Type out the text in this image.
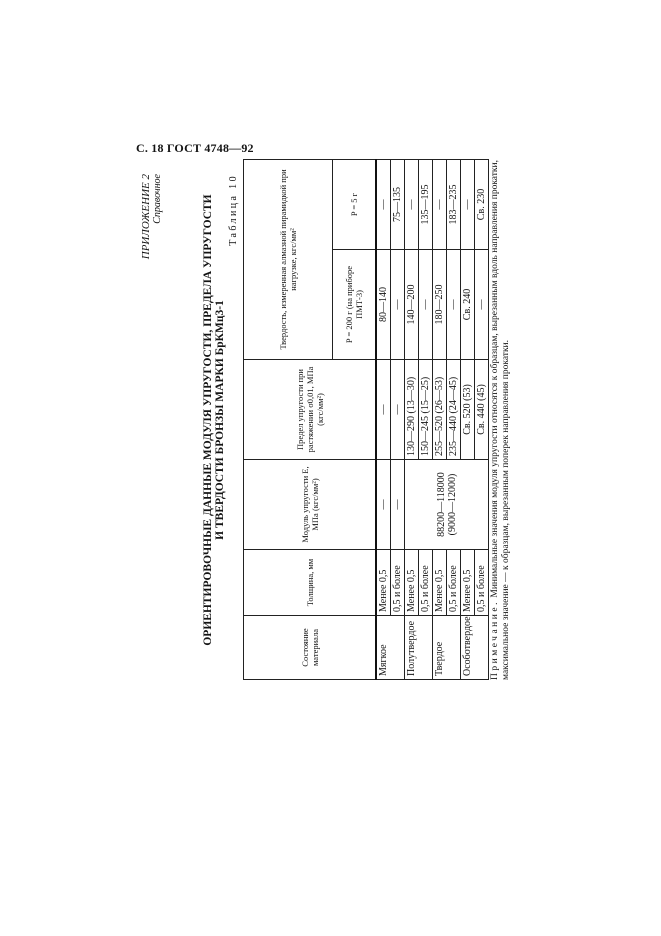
С. 18 ГОСТ 4748—92
ПРИЛОЖЕНИЕ 2 Справочное	ОРИЕНТИРОВОЧНЫЕ ДАННЫЕ МОДУЛЯ УПРУГОСТИ, ПРЕДЕЛА УПРУГОСТИ И ТВЕРДОСТИ БРОНЗЫ МАРКИ БрКМц3-1
Таблица 10
Состояние материала	Толщина, мм	Модуль упругости E, МПа (кгс/мм²)	Предел упругости при растяжении σ0,01, МПа (кгс/мм²)	Твердость, измеренная алмазной пирамидкой при нагрузке, кгс/мм²	
				P = 200 г (на приборе ПМТ-3)	P = 5 г
Мягкое	Менее 0,5	—	—	80—140	—
	0,5 и более	—	—	—	75—135
Полутвердое	Менее 0,5	88200—118000 (9000—12000)	130—290 (13—30)	140—200	—
	0,5 и более		150—245 (15—25)	—	135—195
Твердое	Менее 0,5		255—520 (26—53)	180—250	—
	0,5 и более		235—440 (24—45)	—	183—235
Особотвердое	Менее 0,5		Св. 520 (53)	Св. 240	—
	0,5 и более		Св. 440 (45)	—	Св. 230
Примечание. Минимальные значения модуля упругости относятся к образцам, вырезанным вдоль направления прокатки, максимальное значение — к образцам, вырезанным поперек направления прокатки.
